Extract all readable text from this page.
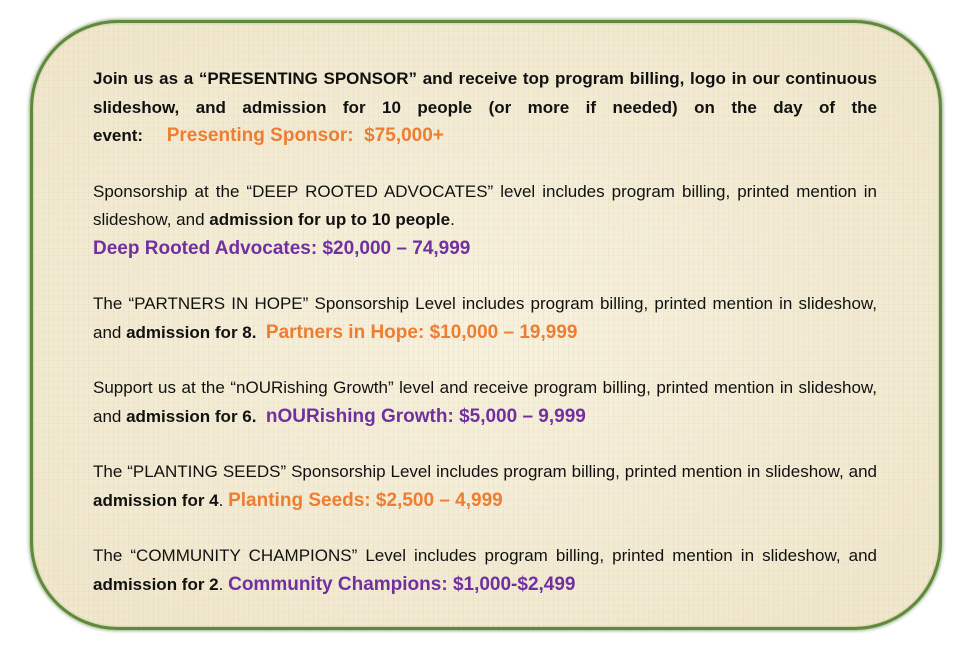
Join us as a “PRESENTING SPONSOR” and receive top program billing, logo in our continuous slideshow, and admission for 10 people (or more if needed) on the day of the event: Presenting Sponsor:  $75,000+

Sponsorship at the “DEEP ROOTED ADVOCATES” level includes program billing, printed mention in slideshow, and admission for up to 10 people.
Deep Rooted Advocates: $20,000 – 74,999

The “PARTNERS IN HOPE” Sponsorship Level includes program billing, printed mention in slideshow, and admission for 8. Partners in Hope: $10,000 – 19,999

Support us at the “nOURishing Growth” level and receive program billing, printed mention in slideshow, and admission for 6. nOURishing Growth: $5,000 – 9,999

The “PLANTING SEEDS” Sponsorship Level includes program billing, printed mention in slideshow, and admission for 4. Planting Seeds: $2,500 – 4,999

The “COMMUNITY CHAMPIONS” Level includes program billing, printed mention in slideshow, and admission for 2. Community Champions: $1,000-$2,499
